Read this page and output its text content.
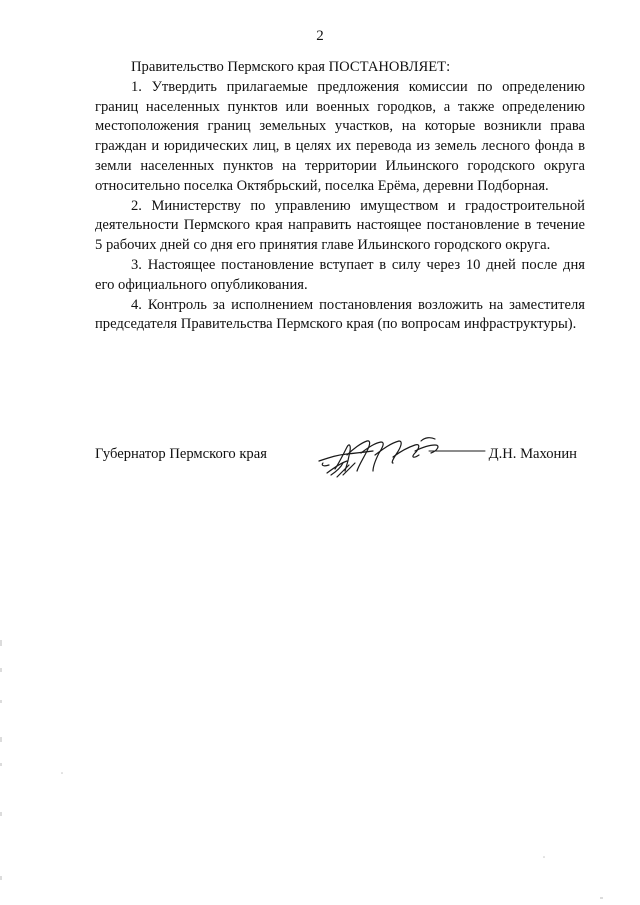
2

Правительство Пермского края ПОСТАНОВЛЯЕТ:

1. Утвердить прилагаемые предложения комиссии по определению границ населенных пунктов или военных городков, а также определению местоположения границ земельных участков, на которые возникли права граждан и юридических лиц, в целях их перевода из земель лесного фонда в земли населенных пунктов на территории Ильинского городского округа относительно поселка Октябрьский, поселка Ерёма, деревни Подборная.

2. Министерству по управлению имуществом и градостроительной деятельности Пермского края направить настоящее постановление в течение 5 рабочих дней со дня его принятия главе Ильинского городского округа.

3. Настоящее постановление вступает в силу через 10 дней после дня его официального опубликования.

4. Контроль за исполнением постановления возложить на заместителя председателя Правительства Пермского края (по вопросам инфраструктуры).

Губернатор Пермского края	Д.Н. Махонин
